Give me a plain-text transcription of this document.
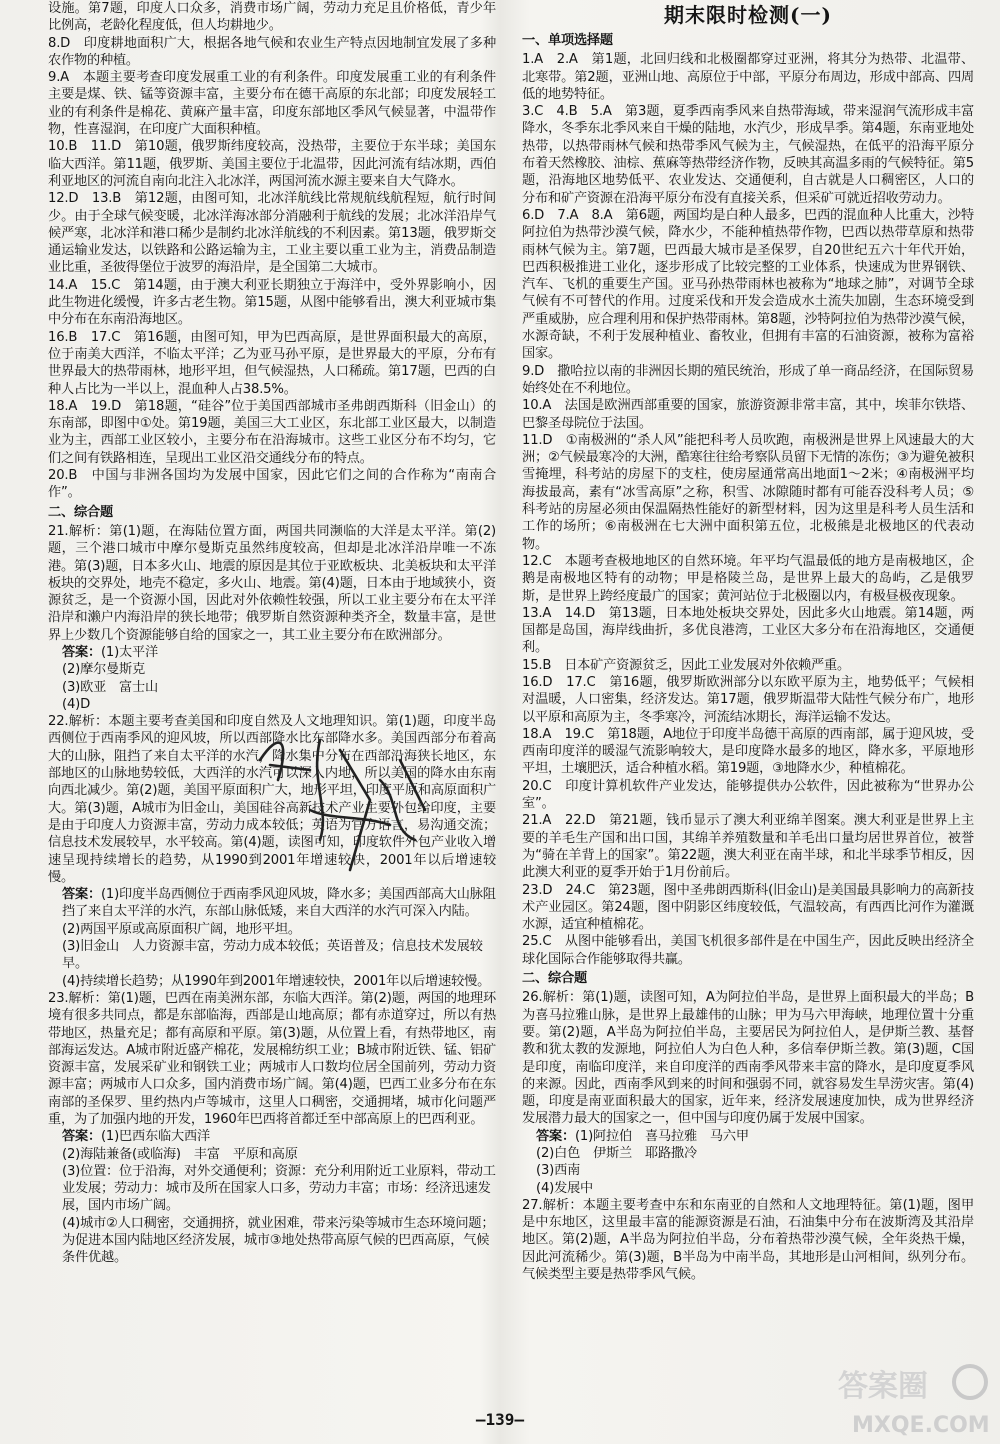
设施。第7题，印度人口众多，消费市场广阔，劳动力充足且价格低，青少年比例高，老龄化程度低，但人均耕地少。
8.D　印度耕地面积广大，根据各地气候和农业生产特点因地制宜发展了多种农作物的种植。
9.A　本题主要考查印度发展重工业的有利条件。印度发展重工业的有利条件主要是煤、铁、锰等资源丰富，主要分布在德干高原的东北部；印度发展轻工业的有利条件是棉花、黄麻产量丰富，印度东部地区季风气候显著，中温带作物，性喜湿润，在印度广大面积种植。
10.B　11.D　第10题，俄罗斯纬度较高，没热带，主要位于东半球；美国东临大西洋。第11题，俄罗斯、美国主要位于北温带，因此河流有结冰期，西伯利亚地区的河流自南向北注入北冰洋，两国河流水源主要来自大气降水。
12.D　13.B　第12题，由图可知，北冰洋航线比常规航线航程短，航行时间少。由于全球气候变暖，北冰洋海冰部分消融利于航线的发展；北冰洋沿岸气候严寒，北冰洋和港口稀少是制约北冰洋航线的不利因素。第13题，俄罗斯交通运输业发达，以铁路和公路运输为主，工业主要以重工业为主，消费品制造业比重，圣彼得堡位于波罗的海沿岸，是全国第二大城市。
14.A　15.C　第14题，由于澳大利亚长期独立于海洋中，受外界影响小，因此生物进化缓慢，许多古老生物。第15题，从图中能够看出，澳大利亚城市集中分布在东南沿海地区。
16.B　17.C　第16题，由图可知，甲为巴西高原，是世界面积最大的高原，位于南美大西洋，不临太平洋；乙为亚马孙平原，是世界最大的平原，分布有世界最大的热带雨林，地形平坦，但气候湿热，人口稀疏。第17题，巴西的白种人占比为一半以上，混血种人占38.5%。
18.A　19.D　第18题，“硅谷”位于美国西部城市圣弗朗西斯科（旧金山）的东南部，即图中①处。第19题，美国三大工业区，东北部工业区最大，以制造业为主，西部工业区较小，主要分布在沿海城市。这些工业区分布不均匀，它们之间有铁路相连，呈现出工业区沿交通线分布的特点。
20.B　中国与非洲各国均为发展中国家，因此它们之间的合作称为“南南合作”。
二、综合题
21.解析：第(1)题，在海陆位置方面，两国共同濒临的大洋是太平洋。第(2)题，三个港口城市中摩尔曼斯克虽然纬度较高，但却是北冰洋沿岸唯一不冻港。第(3)题，日本多火山、地震的原因是其位于亚欧板块、北美板块和太平洋板块的交界处，地壳不稳定，多火山、地震。第(4)题，日本由于地域狭小，资源贫乏，是一个资源小国，因此对外依赖性较强，所以工业主要分布在太平洋沿岸和濑户内海沿岸的狭长地带；俄罗斯自然资源种类齐全，数量丰富，是世界上少数几个资源能够自给的国家之一，其工业主要分布在欧洲部分。
答案：(1)太平洋
(2)摩尔曼斯克
(3)欧亚　富士山
(4)D
22.解析：本题主要考查美国和印度自然及人文地理知识。第(1)题，印度半岛西侧位于西南季风的迎风坡，所以西部降水比东部降水多。美国西部分布着高大的山脉，阻挡了来自太平洋的水汽，降水集中分布在西部沿海狭长地区，东部地区的山脉地势较低，大西洋的水汽可以深入内地，所以美国的降水由东南向西北减少。第(2)题，美国平原面积广大，地形平坦，印度平原和高原面积广大。第(3)题，A城市为旧金山，美国硅谷高新技术产业主要外包给印度，主要是由于印度人力资源丰富，劳动力成本较低；英语为官方语言，易沟通交流；信息技术发展较早，水平较高。第(4)题，读图可知，印度软件外包产业收入增速呈现持续增长的趋势，从1990到2001年增速较快，2001年以后增速较慢。
答案：(1)印度半岛西侧位于西南季风迎风坡，降水多；美国西部高大山脉阻挡了来自太平洋的水汽，东部山脉低矮，来自大西洋的水汽可深入内陆。
(2)两国平原或高原面积广阔，地形平坦。
(3)旧金山　人力资源丰富，劳动力成本较低；英语普及；信息技术发展较早。
(4)持续增长趋势；从1990年到2001年增速较快，2001年以后增速较慢。
23.解析：第(1)题，巴西在南美洲东部，东临大西洋。第(2)题，两国的地理环境有很多共同点，都是东部临海，西部是山地高原；都有赤道穿过，所以有热带地区，热量充足；都有高原和平原。第(3)题，从位置上看，有热带地区，南部海运发达。A城市附近盛产棉花，发展棉纺织工业；B城市附近铁、锰、铝矿资源丰富，发展采矿业和钢铁工业；两城市人口数均位居全国前列，劳动力资源丰富；两城市人口众多，国内消费市场广阔。第(4)题，巴西工业多分布在东南部的圣保罗、里约热内卢等城市，这里人口稠密，交通拥堵，城市化问题严重，为了加强内地的开发，1960年巴西将首都迁至中部高原上的巴西利亚。
答案：(1)巴西东临大西洋
(2)海陆兼备(或临海)　丰富　平原和高原
(3)位置：位于沿海，对外交通便利；资源：充分利用附近工业原料，带动工业发展；劳动力：城市及所在国家人口多，劳动力丰富；市场：经济迅速发展，国内市场广阔。
(4)城市②人口稠密，交通拥挤，就业困难，带来污染等城市生态环境问题；为促进本国内陆地区经济发展，城市③地处热带高原气候的巴西高原，气候条件优越。
期末限时检测(一)
一、单项选择题
1.A　2.A　第1题，北回归线和北极圈都穿过亚洲，将其分为热带、北温带、北寒带。第2题，亚洲山地、高原位于中部，平原分布周边，形成中部高、四周低的地势特征。
3.C　4.B　5.A　第3题，夏季西南季风来自热带海域，带来湿润气流形成丰富降水，冬季东北季风来自干燥的陆地，水汽少，形成旱季。第4题，东南亚地处热带，以热带雨林气候和热带季风气候为主，气候湿热，在低平的沿海平原分布着天然橡胶、油棕、蕉麻等热带经济作物，反映其高温多雨的气候特征。第5题，沿海地区地势低平、农业发达、交通便利，自古就是人口稠密区，人口的分布和矿产资源在沿海平原分布没有直接关系，但采矿可就近招收劳动力。
6.D　7.A　8.A　第6题，两国均是白种人最多，巴西的混血种人比重大，沙特阿拉伯为热带沙漠气候，降水少，不能种植热带作物，巴西以热带草原和热带雨林气候为主。第7题，巴西最大城市是圣保罗，自20世纪五六十年代开始，巴西积极推进工业化，逐步形成了比较完整的工业体系，快速成为世界钢铁、汽车、飞机的重要生产国。亚马孙热带雨林也被称为“地球之肺”，对调节全球气候有不可替代的作用。过度采伐和开发会造成水土流失加剧，生态环境受到严重威胁，应合理利用和保护热带雨林。第8题，沙特阿拉伯为热带沙漠气候，水源奇缺，不利于发展种植业、畜牧业，但拥有丰富的石油资源，被称为富裕国家。
9.D　撒哈拉以南的非洲因长期的殖民统治，形成了单一商品经济，在国际贸易始终处在不利地位。
10.A　法国是欧洲西部重要的国家，旅游资源非常丰富，其中，埃菲尔铁塔、巴黎圣母院位于法国。
11.D　①南极洲的“杀人风”能把科考人员吹跑，南极洲是世界上风速最大的大洲；②气候最寒冷的大洲，酷寒往往给考察队员留下无情的冻伤；③为避免被积雪掩埋，科考站的房屋下的支柱，使房屋通常高出地面1～2米；④南极洲平均海拔最高，素有“冰雪高原”之称，积雪、冰隙随时都有可能吞没科考人员；⑤科考站的房屋必须由保温隔热性能好的新型材料，因为这里是科考人员生活和工作的场所；⑥南极洲在七大洲中面积第五位，北极熊是北极地区的代表动物。
12.C　本题考查极地地区的自然环境。年平均气温最低的地方是南极地区，企鹅是南极地区特有的动物；甲是格陵兰岛，是世界上最大的岛屿，乙是俄罗斯，是世界上跨经度最广的国家；黄河站位于北极圈以内，有极昼极夜现象。
13.A　14.D　第13题，日本地处板块交界处，因此多火山地震。第14题，两国都是岛国，海岸线曲折，多优良港湾，工业区大多分布在沿海地区，交通便利。
15.B　日本矿产资源贫乏，因此工业发展对外依赖严重。
16.D　17.C　第16题，俄罗斯欧洲部分以东欧平原为主，地势低平；气候相对温暖，人口密集，经济发达。第17题，俄罗斯温带大陆性气候分布广，地形以平原和高原为主，冬季寒冷，河流结冰期长，海洋运输不发达。
18.A　19.C　第18题，A地位于印度半岛德干高原的西南部，属于迎风坡，受西南印度洋的暖湿气流影响较大，是印度降水最多的地区，降水多，平原地形平坦，土壤肥沃，适合种植水稻。第19题，③地降水少，种植棉花。
20.C　印度计算机软件产业发达，能够提供办公软件，因此被称为“世界办公室”。
21.A　22.D　第21题，钱币显示了澳大利亚绵羊图案。澳大利亚是世界上主要的羊毛生产国和出口国，其绵羊养殖数量和羊毛出口量均居世界首位，被誉为“骑在羊背上的国家”。第22题，澳大利亚在南半球，和北半球季节相反，因此澳大利亚的夏季开始于1月份前后。
23.D　24.C　第23题，图中圣弗朗西斯科(旧金山)是美国最具影响力的高新技术产业园区。第24题，图中阴影区纬度较低，气温较高，有西西比河作为灌溉水源，适宜种植棉花。
25.C　从图中能够看出，美国飞机很多部件是在中国生产，因此反映出经济全球化国际合作能够取得共赢。
二、综合题
26.解析：第(1)题，读图可知，A为阿拉伯半岛，是世界上面积最大的半岛；B为喜马拉雅山脉，是世界上最雄伟的山脉；甲为马六甲海峡，地理位置十分重要。第(2)题，A半岛为阿拉伯半岛，主要居民为阿拉伯人，是伊斯兰教、基督教和犹太教的发源地，阿拉伯人为白色人种，多信奉伊斯兰教。第(3)题，C国是印度，南临印度洋，来自印度洋的西南季风带来丰富的降水，是印度夏季风的来源。因此，西南季风到来的时间和强弱不同，就容易发生旱涝灾害。第(4)题，印度是南亚面积最大的国家，近年来，经济发展速度加快，成为世界经济发展潜力最大的国家之一，但中国与印度仍属于发展中国家。
答案：(1)阿拉伯　喜马拉雅　马六甲
(2)白色　伊斯兰　耶路撒冷
(3)西南
(4)发展中
27.解析：本题主要考查中东和东南亚的自然和人文地理特征。第(1)题，图甲是中东地区，这里最丰富的能源资源是石油，石油集中分布在波斯湾及其沿岸地区。第(2)题，A半岛为阿拉伯半岛，分布着热带沙漠气候，全年炎热干燥，因此河流稀少。第(3)题，B半岛为中南半岛，其地形是山河相间，纵列分布。气候类型主要是热带季风气候。
—139—
答案圈
MXQE.COM
